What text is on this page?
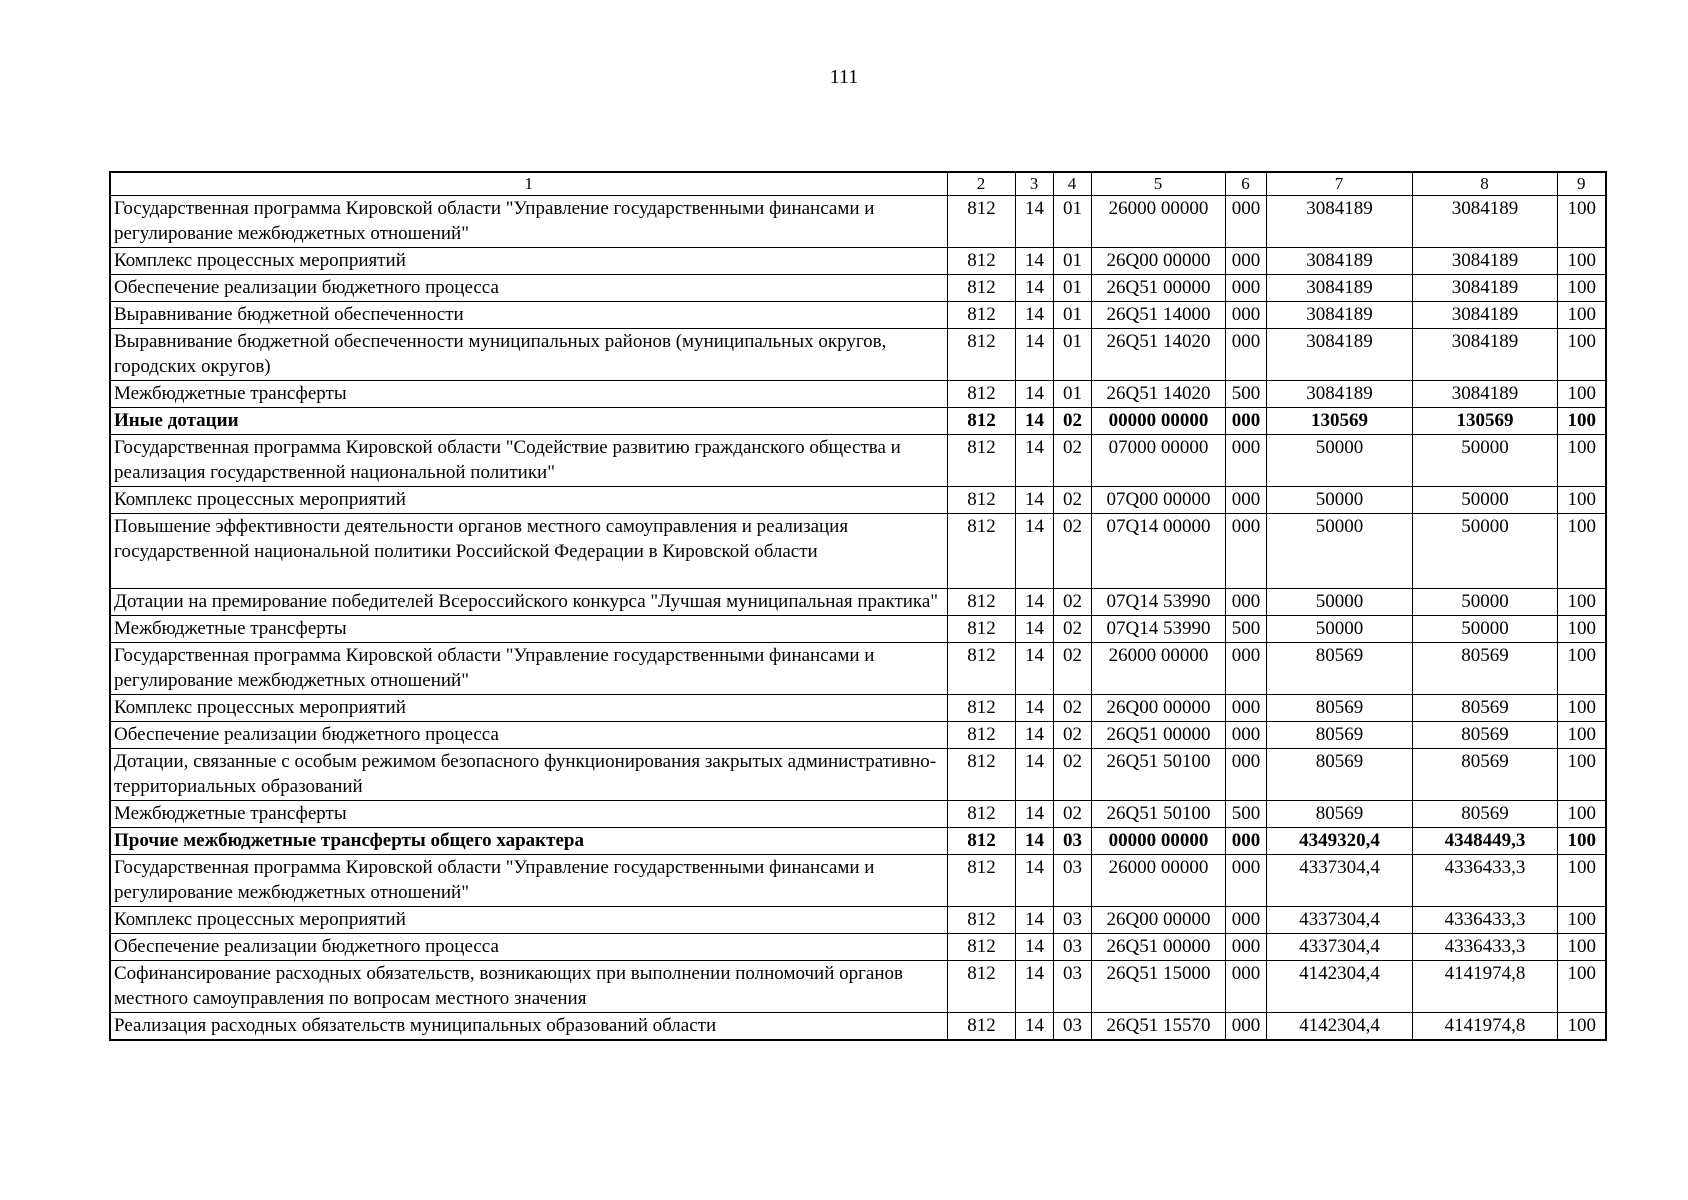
111
1	2	3	4	5	6	7	8	9
Государственная программа Кировской области "Управление государственными финансами и регулирование межбюджетных отношений"	812	14	01	26000 00000	000	3084189	3084189	100
Комплекс процессных мероприятий	812	14	01	26Q00 00000	000	3084189	3084189	100
Обеспечение реализации бюджетного процесса	812	14	01	26Q51 00000	000	3084189	3084189	100
Выравнивание бюджетной обеспеченности	812	14	01	26Q51 14000	000	3084189	3084189	100
Выравнивание бюджетной обеспеченности муниципальных районов (муниципальных округов, городских округов)	812	14	01	26Q51 14020	000	3084189	3084189	100
Межбюджетные трансферты	812	14	01	26Q51 14020	500	3084189	3084189	100
Иные дотации	812	14	02	00000 00000	000	130569	130569	100
Государственная программа Кировской области "Содействие развитию гражданского общества и реализация государственной национальной политики"	812	14	02	07000 00000	000	50000	50000	100
Комплекс процессных мероприятий	812	14	02	07Q00 00000	000	50000	50000	100
Повышение эффективности деятельности органов местного самоуправления и реализация государственной национальной политики Российской Федерации в Кировской области	812	14	02	07Q14 00000	000	50000	50000	100
Дотации на премирование победителей Всероссийского конкурса "Лучшая муниципальная практика"	812	14	02	07Q14 53990	000	50000	50000	100
Межбюджетные трансферты	812	14	02	07Q14 53990	500	50000	50000	100
Государственная программа Кировской области "Управление государственными финансами и регулирование межбюджетных отношений"	812	14	02	26000 00000	000	80569	80569	100
Комплекс процессных мероприятий	812	14	02	26Q00 00000	000	80569	80569	100
Обеспечение реализации бюджетного процесса	812	14	02	26Q51 00000	000	80569	80569	100
Дотации, связанные с особым режимом безопасного функционирования закрытых административно-территориальных образований	812	14	02	26Q51 50100	000	80569	80569	100
Межбюджетные трансферты	812	14	02	26Q51 50100	500	80569	80569	100
Прочие межбюджетные трансферты общего характера	812	14	03	00000 00000	000	4349320,4	4348449,3	100
Государственная программа Кировской области "Управление государственными финансами и регулирование межбюджетных отношений"	812	14	03	26000 00000	000	4337304,4	4336433,3	100
Комплекс процессных мероприятий	812	14	03	26Q00 00000	000	4337304,4	4336433,3	100
Обеспечение реализации бюджетного процесса	812	14	03	26Q51 00000	000	4337304,4	4336433,3	100
Софинансирование расходных обязательств, возникающих при выполнении полномочий органов местного самоуправления по вопросам местного значения	812	14	03	26Q51 15000	000	4142304,4	4141974,8	100
Реализация расходных обязательств муниципальных образований области	812	14	03	26Q51 15570	000	4142304,4	4141974,8	100
